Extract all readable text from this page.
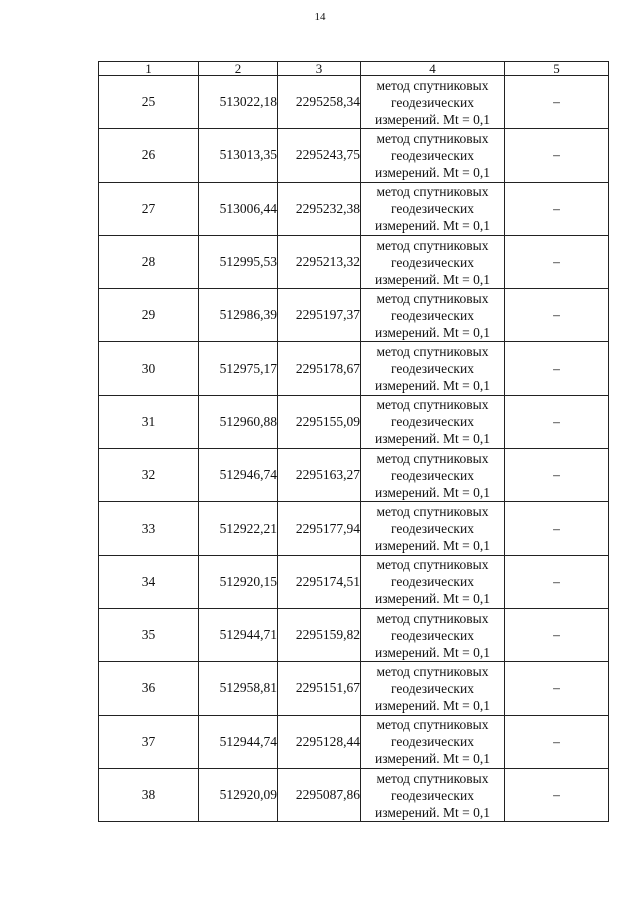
14
1	2	3	4	5
25	513022,18	2295258,34	метод спутниковых
геодезических
измерений. Mt = 0,1	–
26	513013,35	2295243,75	метод спутниковых
геодезических
измерений. Mt = 0,1	–
27	513006,44	2295232,38	метод спутниковых
геодезических
измерений. Mt = 0,1	–
28	512995,53	2295213,32	метод спутниковых
геодезических
измерений. Mt = 0,1	–
29	512986,39	2295197,37	метод спутниковых
геодезических
измерений. Mt = 0,1	–
30	512975,17	2295178,67	метод спутниковых
геодезических
измерений. Mt = 0,1	–
31	512960,88	2295155,09	метод спутниковых
геодезических
измерений. Mt = 0,1	–
32	512946,74	2295163,27	метод спутниковых
геодезических
измерений. Mt = 0,1	–
33	512922,21	2295177,94	метод спутниковых
геодезических
измерений. Mt = 0,1	–
34	512920,15	2295174,51	метод спутниковых
геодезических
измерений. Mt = 0,1	–
35	512944,71	2295159,82	метод спутниковых
геодезических
измерений. Mt = 0,1	–
36	512958,81	2295151,67	метод спутниковых
геодезических
измерений. Mt = 0,1	–
37	512944,74	2295128,44	метод спутниковых
геодезических
измерений. Mt = 0,1	–
38	512920,09	2295087,86	метод спутниковых
геодезических
измерений. Mt = 0,1	–
